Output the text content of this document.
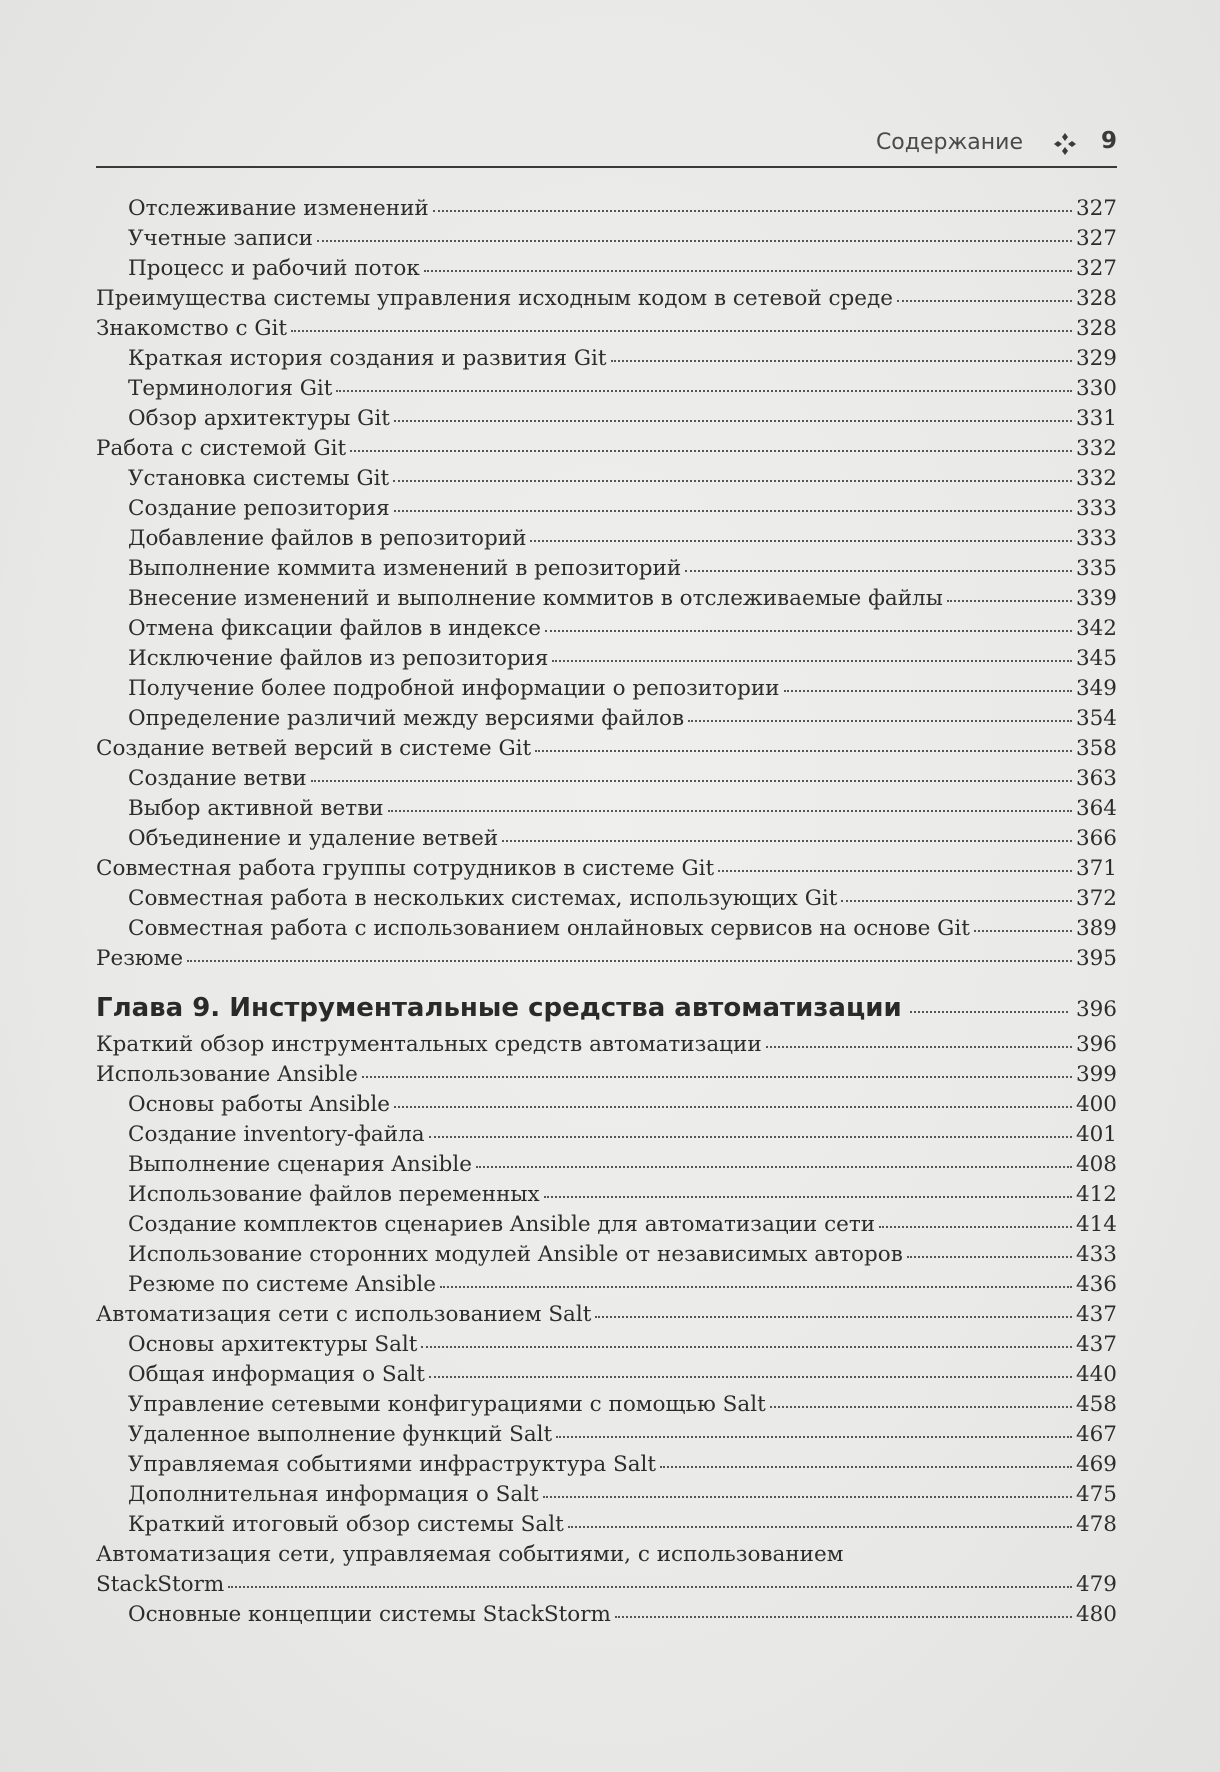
Содержание	9
Отслеживание изменений	327
Учетные записи	327
Процесс и рабочий поток	327
Преимущества системы управления исходным кодом в сетевой среде	328
Знакомство с Git	328
Краткая история создания и развития Git	329
Терминология Git	330
Обзор архитектуры Git	331
Работа с системой Git	332
Установка системы Git	332
Создание репозитория	333
Добавление файлов в репозиторий	333
Выполнение коммита изменений в репозиторий	335
Внесение изменений и выполнение коммитов в отслеживаемые файлы	339
Отмена фиксации файлов в индексе	342
Исключение файлов из репозитория	345
Получение более подробной информации о репозитории	349
Определение различий между версиями файлов	354
Создание ветвей версий в системе Git	358
Создание ветви	363
Выбор активной ветви	364
Объединение и удаление ветвей	366
Совместная работа группы сотрудников в системе Git	371
Совместная работа в нескольких системах, использующих Git	372
Совместная работа с использованием онлайновых сервисов на основе Git	389
Резюме	395
Глава 9. Инструментальные средства автоматизации	396
Краткий обзор инструментальных средств автоматизации	396
Использование Ansible	399
Основы работы Ansible	400
Создание inventory-файла	401
Выполнение сценария Ansible	408
Использование файлов переменных	412
Создание комплектов сценариев Ansible для автоматизации сети	414
Использование сторонних модулей Ansible от независимых авторов	433
Резюме по системе Ansible	436
Автоматизация сети с использованием Salt	437
Основы архитектуры Salt	437
Общая информация о Salt	440
Управление сетевыми конфигурациями с помощью Salt	458
Удаленное выполнение функций Salt	467
Управляемая событиями инфраструктура Salt	469
Дополнительная информация о Salt	475
Краткий итоговый обзор системы Salt	478
Автоматизация сети, управляемая событиями, с использованием
StackStorm	479
Основные концепции системы StackStorm	480
